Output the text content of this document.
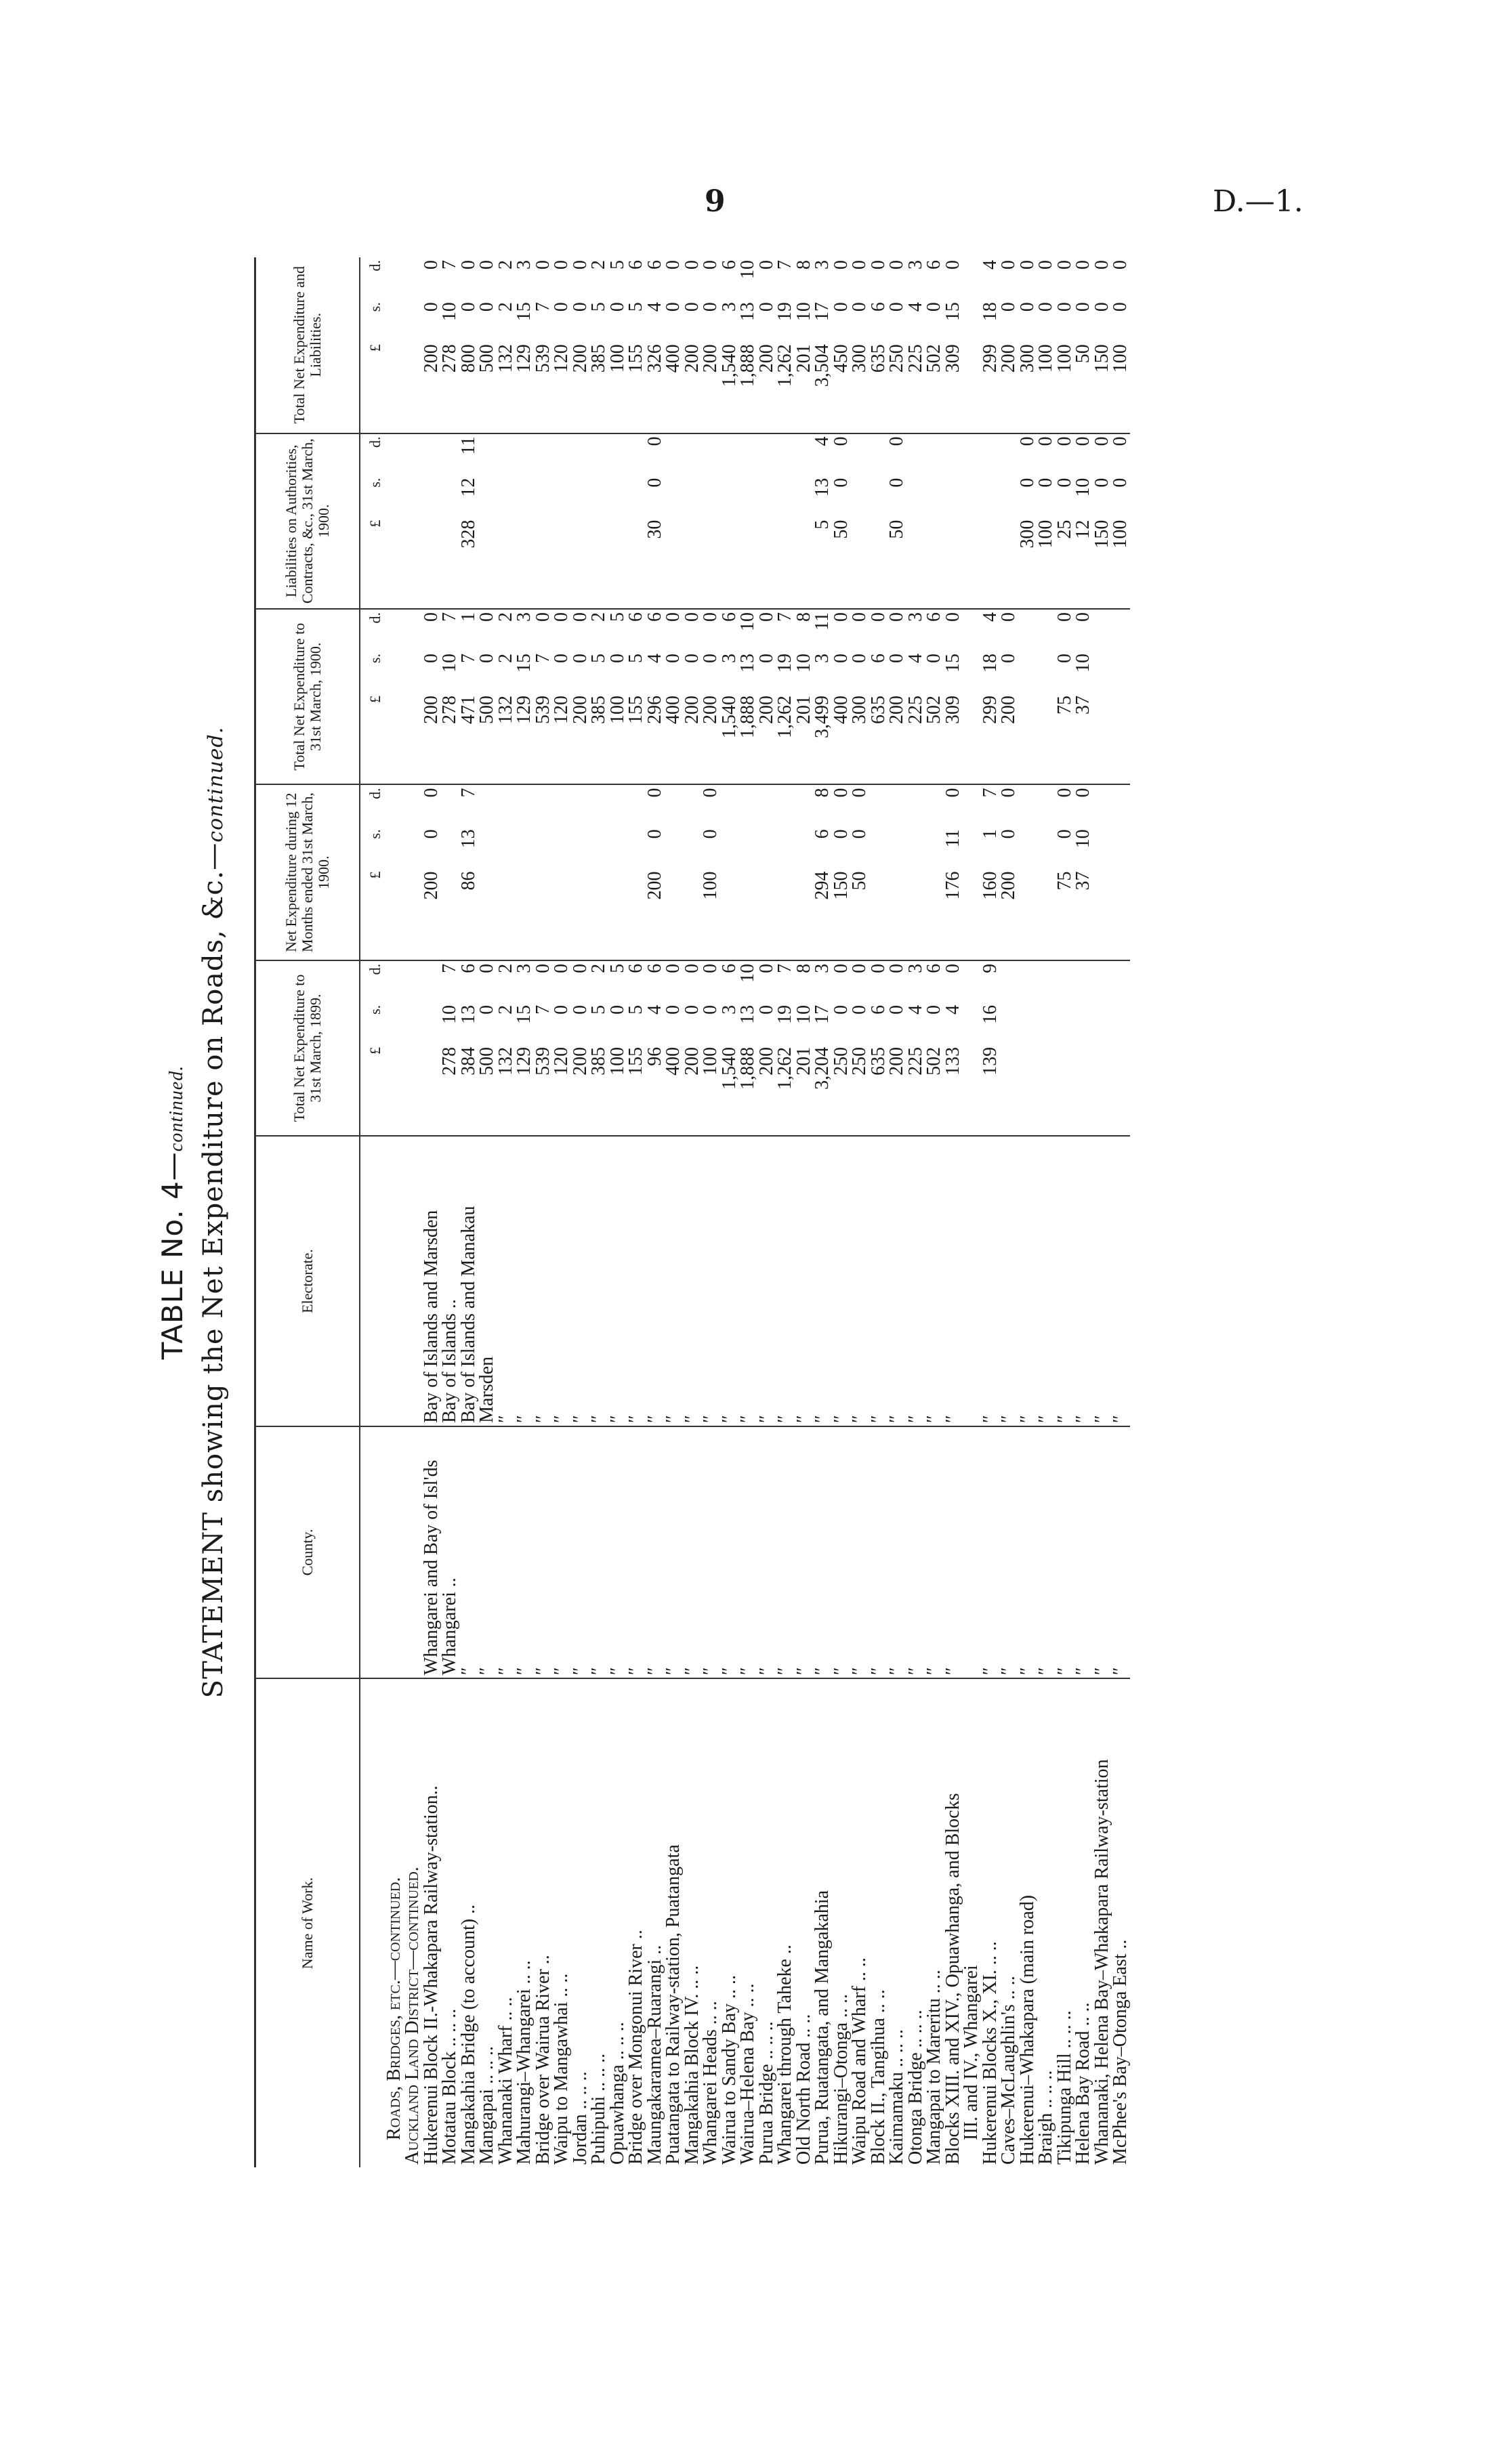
9	D.—1.
TABLE No. 4—continued. STATEMENT showing the Net Expenditure on Roads, &c.—continued.
Name of Work.	County.	Electorate.	Total Net Expenditure to 31st March, 1899.			Net Expenditure during 12 Months ended 31st March, 1900.			Total Net Expenditure to 31st March, 1900.			Liabilities on Authorities, Contracts, &c., 31st March, 1900.			Total Net Expenditure and Liabilities.		

			£	s.	d.	£	s.	d.	£	s.	d.	£	s.	d.	£	s.	d.
Roads, Bridges, etc.—continued.																	
Auckland Land District—continued.																	
Hukerenui Block II.-Whakapara Railway-station..	Whangarei and Bay of Isl'ds	Bay of Islands and Marsden				200	0	0	200	0	0				200	0	0
Motatau Block .. .. ..	Whangarei ..	Bay of Islands ..	278	10	7				278	10	7				278	10	7
Mangakahia Bridge (to account) ..	″	Bay of Islands and Manakau	384	13	6	86	13	7	471	7	1	328	12	11	800	0	0
Mangapai .. .. ..	″	Marsden	500	0	0				500	0	0				500	0	0
Whananaki Wharf .. ..	″	″	132	2	2				132	2	2				132	2	2
Mahurangi–Whangarei .. ..	″	″	129	15	3				129	15	3				129	15	3
Bridge over Wairua River ..	″	″	539	7	0				539	7	0				539	7	0
Waipu to Mangawhai .. ..	″	″	120	0	0				120	0	0				120	0	0
Jordan .. .. ..	″	″	200	0	0				200	0	0				200	0	0
Puhipuhi .. .. ..	″	″	385	5	2				385	5	2				385	5	2
Opuawhanga .. .. ..	″	″	100	0	5				100	0	5				100	0	5
Bridge over Mongonui River ..	″	″	155	5	6				155	5	6				155	5	6
Maungakaramea–Ruarangi ..	″	″	96	4	6	200	0	0	296	4	6	30	0	0	326	4	6
Puatangata to Railway-station, Puatangata	″	″	400	0	0				400	0	0				400	0	0
Mangakahia Block IV. .. ..	″	″	200	0	0				200	0	0				200	0	0
Whangarei Heads .. ..	″	″	100	0	0	100	0	0	200	0	0				200	0	0
Wairua to Sandy Bay .. ..	″	″	1,540	3	6				1,540	3	6				1,540	3	6
Wairua–Helena Bay .. ..	″	″	1,888	13	10				1,888	13	10				1,888	13	10
Purua Bridge .. .. ..	″	″	200	0	0				200	0	0				200	0	0
Whangarei through Taheke ..	″	″	1,262	19	7				1,262	19	7				1,262	19	7
Old North Road .. ..	″	″	201	10	8				201	10	8				201	10	8
Purua, Ruatangata, and Mangakahia	″	″	3,204	17	3	294	6	8	3,499	3	11	5	13	4	3,504	17	3
Hikurangi–Otonga .. ..	″	″	250	0	0	150	0	0	400	0	0	50	0	0	450	0	0
Waipu Road and Wharf .. ..	″	″	250	0	0	50	0	0	300	0	0				300	0	0
Block II., Tangihua .. ..	″	″	635	6	0				635	6	0				635	6	0
Kaimamaku .. .. ..	″	″	200	0	0				200	0	0	50	0	0	250	0	0
Otonga Bridge .. .. ..	″	″	225	4	3				225	4	3				225	4	3
Mangapai to Mareritu .. ..	″	″	502	0	6				502	0	6				502	0	6
Blocks XIII. and XIV., Opuawhanga, and Blocks	″	″	133	4	0	176	11	0	309	15	0				309	15	0
III. and IV., Whangarei																	
Hukerenui Blocks X., XI. .. ..	″	″	139	16	9	160	1	7	299	18	4				299	18	4
Caves–McLaughlin's .. ..	″	″				200	0	0	200	0	0				200	0	0
Hukerenui–Whakapara (main road)	″	″										300	0	0	300	0	0
Braigh .. .. ..	″	″										100	0	0	100	0	0
Tikipunga Hill .. .. ..	″	″				75	0	0	75	0	0	25	0	0	100	0	0
Helena Bay Road .. ..	″	″				37	10	0	37	10	0	12	10	0	50	0	0
Whananaki, Helena Bay–Whakapara Railway-station	″	″										150	0	0	150	0	0
McPhee's Bay–Otonga East ..	″	″										100	0	0	100	0	0
